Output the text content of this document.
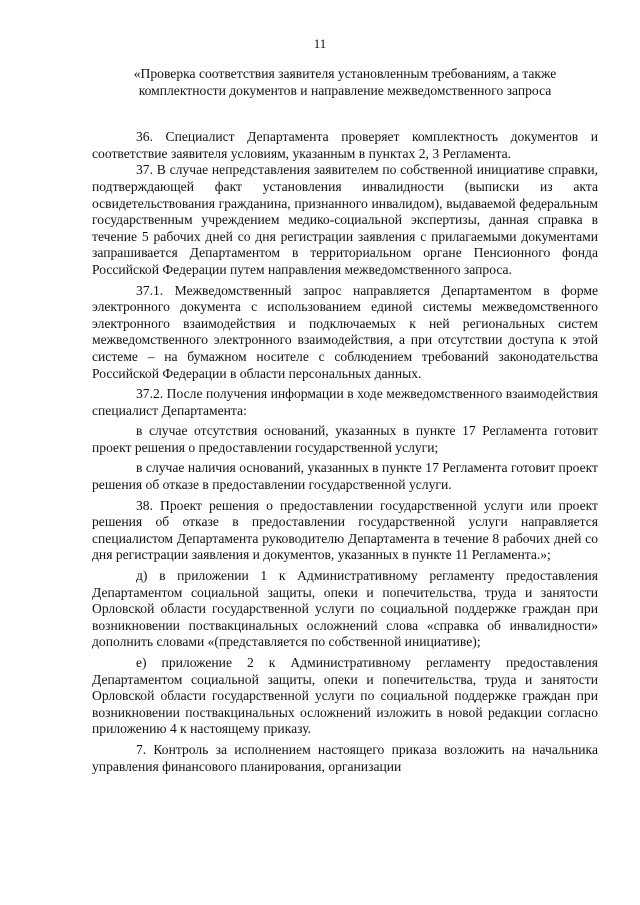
11
«Проверка соответствия заявителя установленным требованиям, а также
комплектности документов и направление межведомственного запроса

36. Специалист Департамента проверяет комплектность документов и соответствие заявителя условиям, указанным в пунктах 2, 3 Регламента.

37. В случае непредставления заявителем по собственной инициативе справки, подтверждающей факт установления инвалидности (выписки из акта освидетельствования гражданина, признанного инвалидом), выдаваемой федеральным государственным учреждением медико-социальной экспертизы, данная справка в течение 5 рабочих дней со дня регистрации заявления с прилагаемыми документами запрашивается Департаментом в территориальном органе Пенсионного фонда Российской Федерации путем направления межведомственного запроса.

37.1. Межведомственный запрос направляется Департаментом в форме электронного документа с использованием единой системы межведомственного электронного взаимодействия и подключаемых к ней региональных систем межведомственного электронного взаимодействия, а при отсутствии доступа к этой системе – на бумажном носителе с соблюдением требований законодательства Российской Федерации в области персональных данных.

37.2. После получения информации в ходе межведомственного взаимодействия специалист Департамента:

в случае отсутствия оснований, указанных в пункте 17 Регламента готовит проект решения о предоставлении государственной услуги;

в случае наличия оснований, указанных в пункте 17 Регламента готовит проект решения об отказе в предоставлении государственной услуги.

38. Проект решения о предоставлении государственной услуги или проект решения об отказе в предоставлении государственной услуги направляется специалистом Департамента руководителю Департамента в течение 8 рабочих дней со дня регистрации заявления и документов, указанных в пункте 11 Регламента.»;

д) в приложении 1 к Административному регламенту предоставления Департаментом социальной защиты, опеки и попечительства, труда и занятости Орловской области государственной услуги по социальной поддержке граждан при возникновении поствакцинальных осложнений слова «справка об инвалидности» дополнить словами «(представляется по собственной инициативе);

е) приложение 2 к Административному регламенту предоставления Департаментом социальной защиты, опеки и попечительства, труда и занятости Орловской области государственной услуги по социальной поддержке граждан при возникновении поствакцинальных осложнений изложить в новой редакции согласно приложению 4 к настоящему приказу.

7. Контроль за исполнением настоящего приказа возложить на начальника управления финансового планирования, организации
